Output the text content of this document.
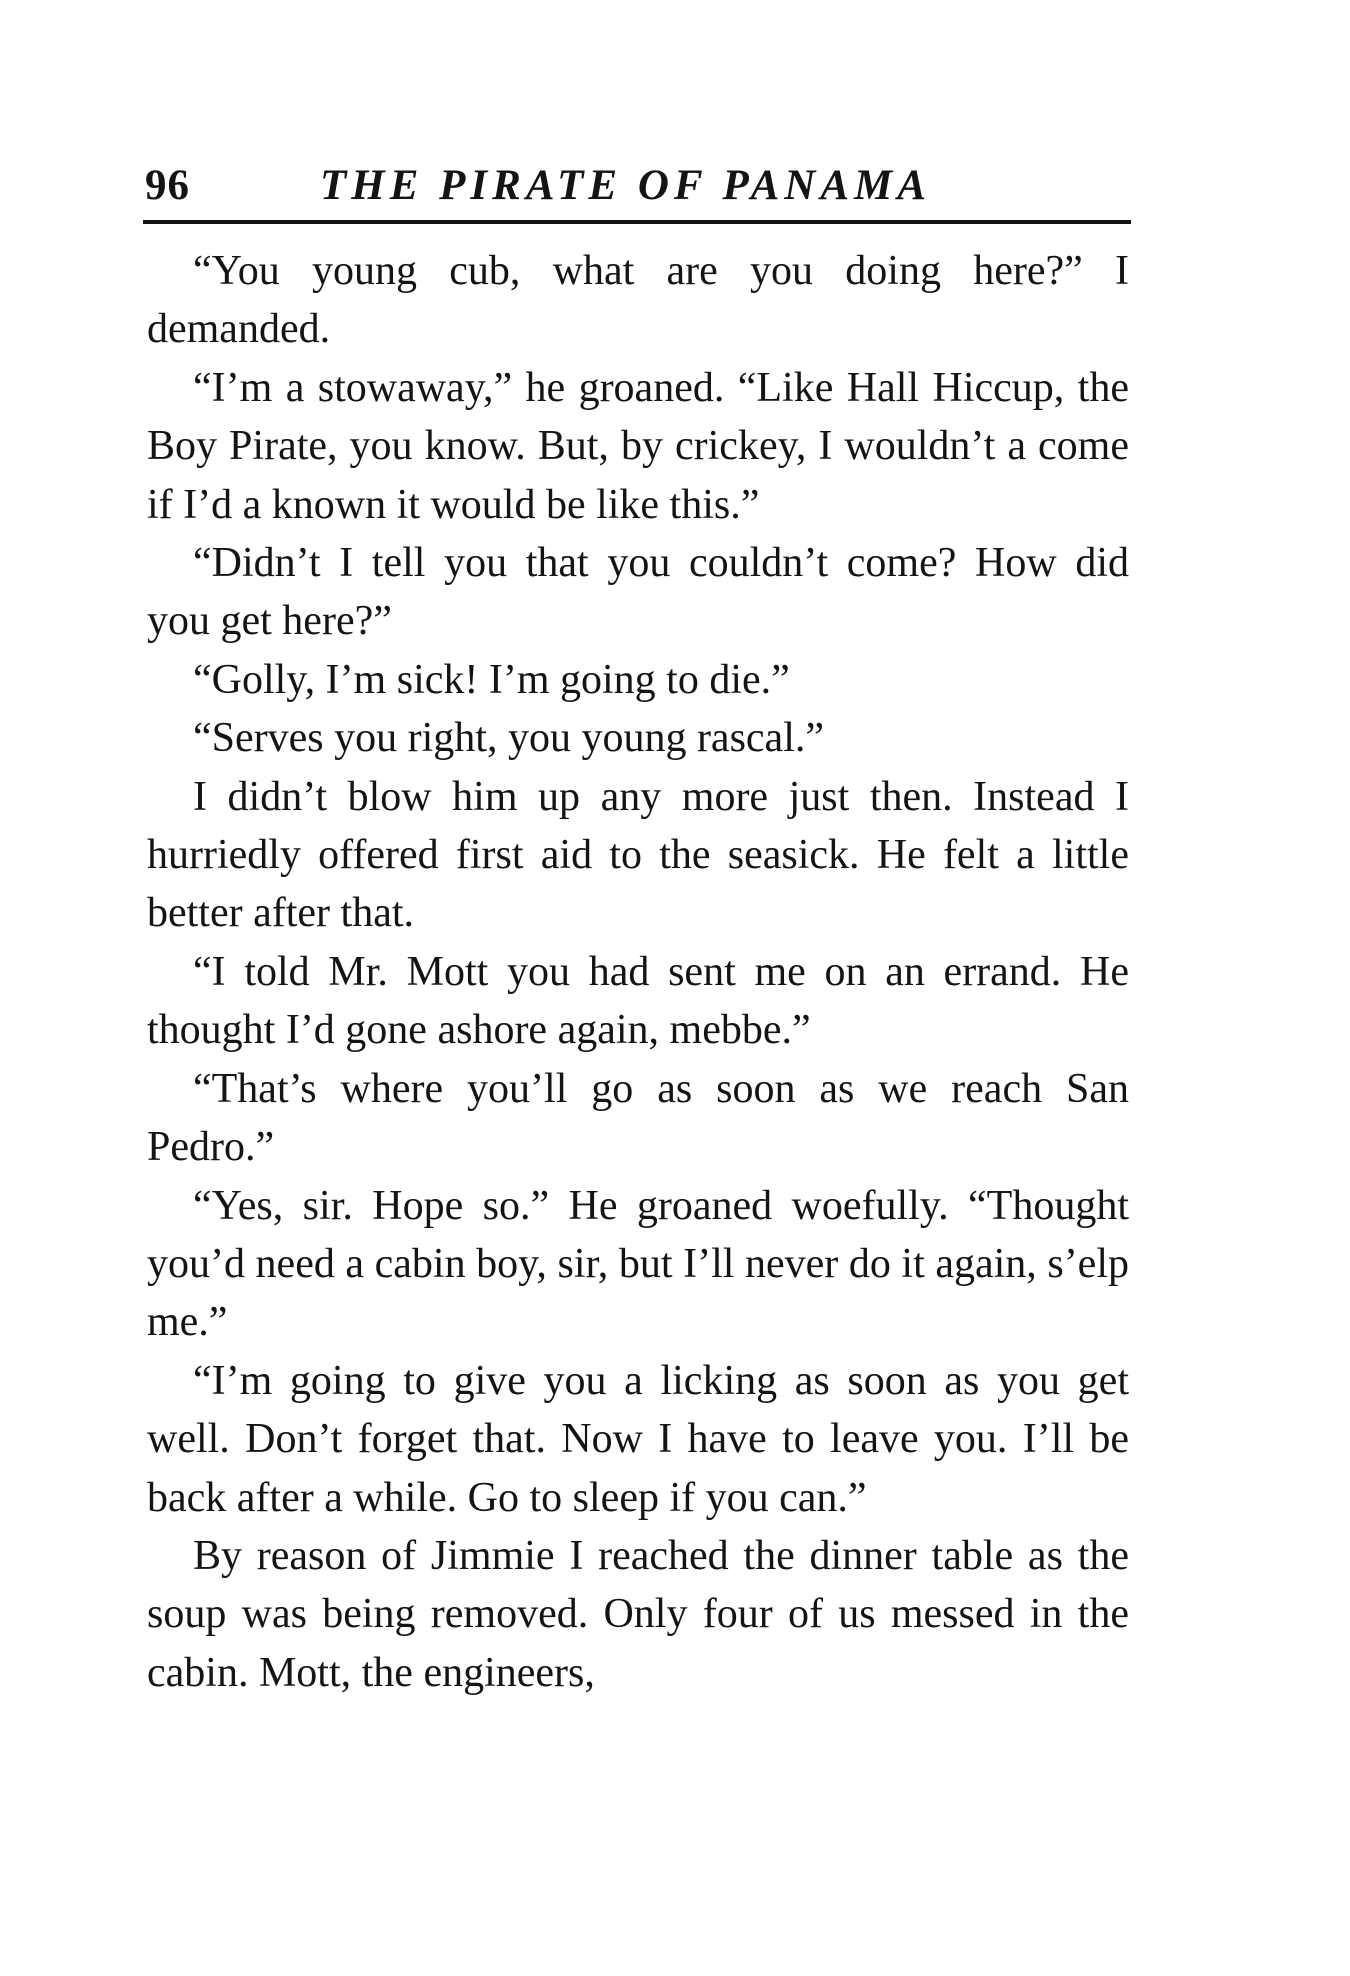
96	THE PIRATE OF PANAMA

“You young cub, what are you doing here?” I demanded.

“I’m a stowaway,” he groaned. “Like Hall Hiccup, the Boy Pirate, you know. But, by crickey, I wouldn’t a come if I’d a known it would be like this.”

“Didn’t I tell you that you couldn’t come? How did you get here?”

“Golly, I’m sick! I’m going to die.”

“Serves you right, you young rascal.”

I didn’t blow him up any more just then. Instead I hurriedly offered first aid to the seasick. He felt a little better after that.

“I told Mr. Mott you had sent me on an errand. He thought I’d gone ashore again, mebbe.”

“That’s where you’ll go as soon as we reach San Pedro.”

“Yes, sir. Hope so.” He groaned woefully. “Thought you’d need a cabin boy, sir, but I’ll never do it again, s’elp me.”

“I’m going to give you a licking as soon as you get well. Don’t forget that. Now I have to leave you. I’ll be back after a while. Go to sleep if you can.”

By reason of Jimmie I reached the dinner table as the soup was being removed. Only four of us messed in the cabin. Mott, the engineers,
